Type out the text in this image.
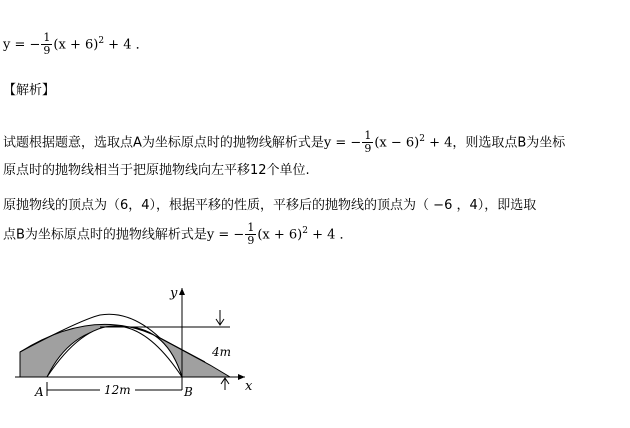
y = − $\frac{1}{9} (x + 6)^2 + 4$ ．
【解析】
试题根据题意，选取点A为坐标原点时的抛物线解析式是y = − $\frac{1}{9} (x - 6)^2 + 4$，则选取点B为坐标
原点时的抛物线相当于把原抛物线向左平移12个单位.
原抛物线的顶点为（6，4），根据平移的性质，平移后的抛物线的顶点为（ −6 ，4），即选取
点B为坐标原点时的抛物线解析式是y = − $\frac{1}{9} (x + 6)^2 + 4$ ．
y
x
A	B
12m
4m
